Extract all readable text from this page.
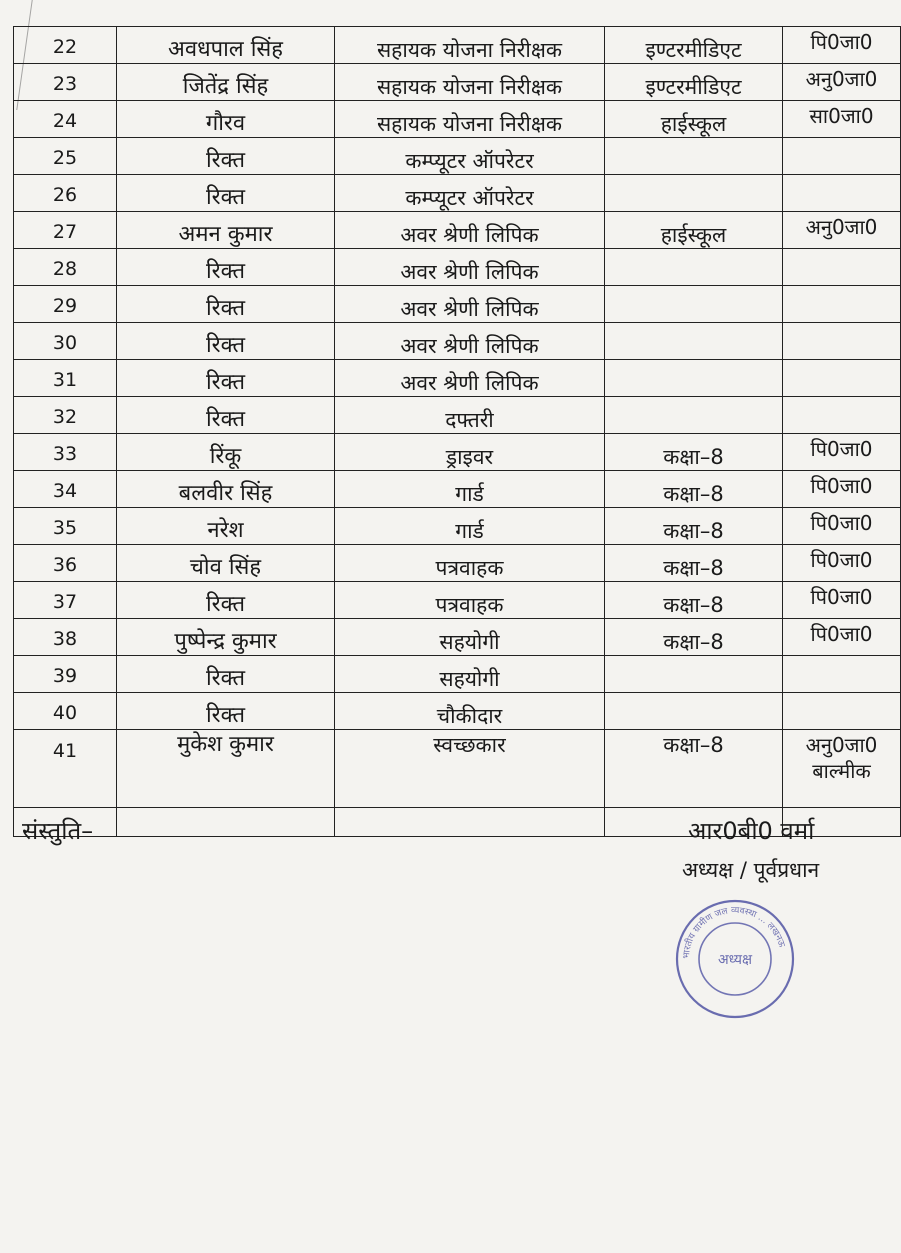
22	अवधपाल सिंह	सहायक योजना निरीक्षक	इण्टरमीडिएट	पि0जा0

23	जितेंद्र सिंह	सहायक योजना निरीक्षक	इण्टरमीडिएट	अनु0जा0

24	गौरव	सहायक योजना निरीक्षक	हाईस्कूल	सा0जा0

25	रिक्त	कम्प्यूटर ऑपरेटर		
26	रिक्त	कम्प्यूटर ऑपरेटर		
27	अमन कुमार	अवर श्रेणी लिपिक	हाईस्कूल	अनु0जा0

28	रिक्त	अवर श्रेणी लिपिक		
29	रिक्त	अवर श्रेणी लिपिक		
30	रिक्त	अवर श्रेणी लिपिक		
31	रिक्त	अवर श्रेणी लिपिक		
32	रिक्त	दफ्तरी		
33	रिंकू	ड्राइवर	कक्षा–8	पि0जा0

34	बलवीर सिंह	गार्ड	कक्षा–8	पि0जा0

35	नरेश	गार्ड	कक्षा–8	पि0जा0

36	चोव सिंह	पत्रवाहक	कक्षा–8	पि0जा0

37	रिक्त	पत्रवाहक	कक्षा–8	पि0जा0

38	पुष्पेन्द्र कुमार	सहयोगी	कक्षा–8	पि0जा0

39	रिक्त	सहयोगी		
40	रिक्त	चौकीदार		
41	मुकेश कुमार	स्वच्छकार	कक्षा–8	अनु0जा0
बाल्मीक

संस्तुति–	आर0बी0 वर्मा
अध्यक्ष / पूर्वप्रधान
भारतीय ग्रामीण जल व्यवस्था ... लखनऊ
अध्यक्ष
